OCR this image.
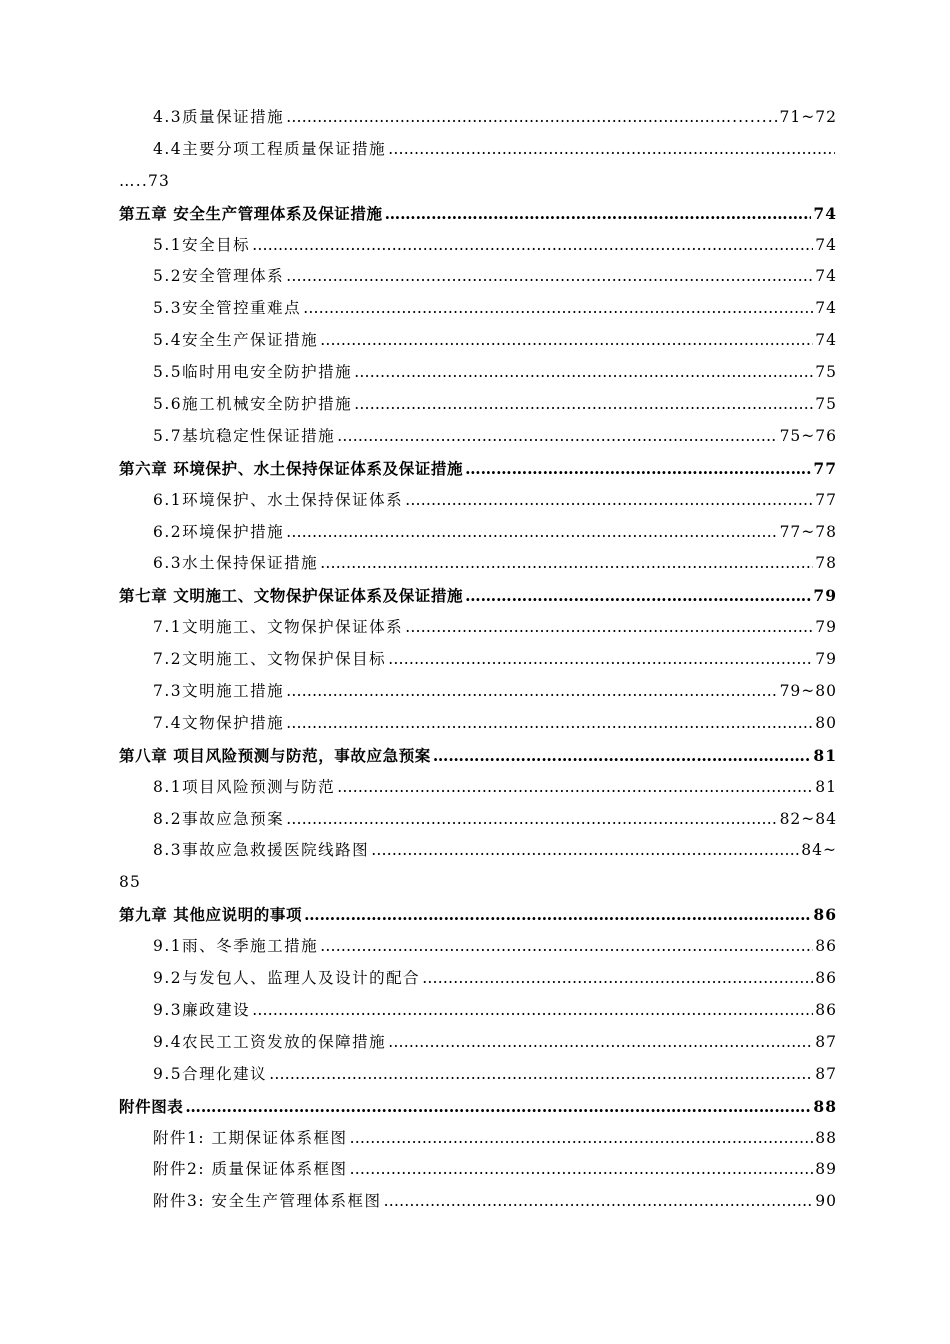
4.3质量保证措施 ……………………………………………………………………………………………………………………………………………………………………………………	…........71~72
4.4主要分项工程质量保证措施
……………………………………………………………………………………………………………………………………………………………………………………
…..73
第五章 安全生产管理体系及保证措施 ……………………………………………………………………………………………………………………………………………………………………………………	74
5.1安全目标 ……………………………………………………………………………………………………………………………………………………………………………………	74
5.2安全管理体系 ……………………………………………………………………………………………………………………………………………………………………………………	74
5.3安全管控重难点 ……………………………………………………………………………………………………………………………………………………………………………………	74
5.4安全生产保证措施 ……………………………………………………………………………………………………………………………………………………………………………………	74
5.5临时用电安全防护措施 ……………………………………………………………………………………………………………………………………………………………………………………	75
5.6施工机械安全防护措施 ……………………………………………………………………………………………………………………………………………………………………………………	75
5.7基坑稳定性保证措施 ……………………………………………………………………………………………………………………………………………………………………………………	75~76
第六章 环境保护、水土保持保证体系及保证措施 ……………………………………………………………………………………………………………………………………………………………………………………	77
6.1环境保护、水土保持保证体系 ……………………………………………………………………………………………………………………………………………………………………………………	77
6.2环境保护措施 ……………………………………………………………………………………………………………………………………………………………………………………	77~78
6.3水土保持保证措施 ……………………………………………………………………………………………………………………………………………………………………………………	78
第七章 文明施工、文物保护保证体系及保证措施 ……………………………………………………………………………………………………………………………………………………………………………………	79
7.1文明施工、文物保护保证体系 ……………………………………………………………………………………………………………………………………………………………………………………	79
7.2文明施工、文物保护保目标 ……………………………………………………………………………………………………………………………………………………………………………………	79
7.3文明施工措施 ……………………………………………………………………………………………………………………………………………………………………………………	79~80
7.4文物保护措施 ……………………………………………………………………………………………………………………………………………………………………………………	80
第八章 项目风险预测与防范，事故应急预案 ……………………………………………………………………………………………………………………………………………………………………………………	81
8.1项目风险预测与防范 ……………………………………………………………………………………………………………………………………………………………………………………	81
8.2事故应急预案 ……………………………………………………………………………………………………………………………………………………………………………………	82~84
8.3事故应急救援医院线路图 ……………………………………………………………………………………………………………………………………………………………………………………	84~
85
第九章 其他应说明的事项 ……………………………………………………………………………………………………………………………………………………………………………………	86
9.1雨、冬季施工措施 ……………………………………………………………………………………………………………………………………………………………………………………	86
9.2与发包人、监理人及设计的配合 ……………………………………………………………………………………………………………………………………………………………………………………	86
9.3廉政建设 ……………………………………………………………………………………………………………………………………………………………………………………	86
9.4农民工工资发放的保障措施 ……………………………………………………………………………………………………………………………………………………………………………………	87
9.5合理化建议 ……………………………………………………………………………………………………………………………………………………………………………………	87
附件图表 ……………………………………………………………………………………………………………………………………………………………………………………	88
附件1: 工期保证体系框图 ……………………………………………………………………………………………………………………………………………………………………………………	88
附件2: 质量保证体系框图 ……………………………………………………………………………………………………………………………………………………………………………………	89
附件3: 安全生产管理体系框图 ……………………………………………………………………………………………………………………………………………………………………………………	90
